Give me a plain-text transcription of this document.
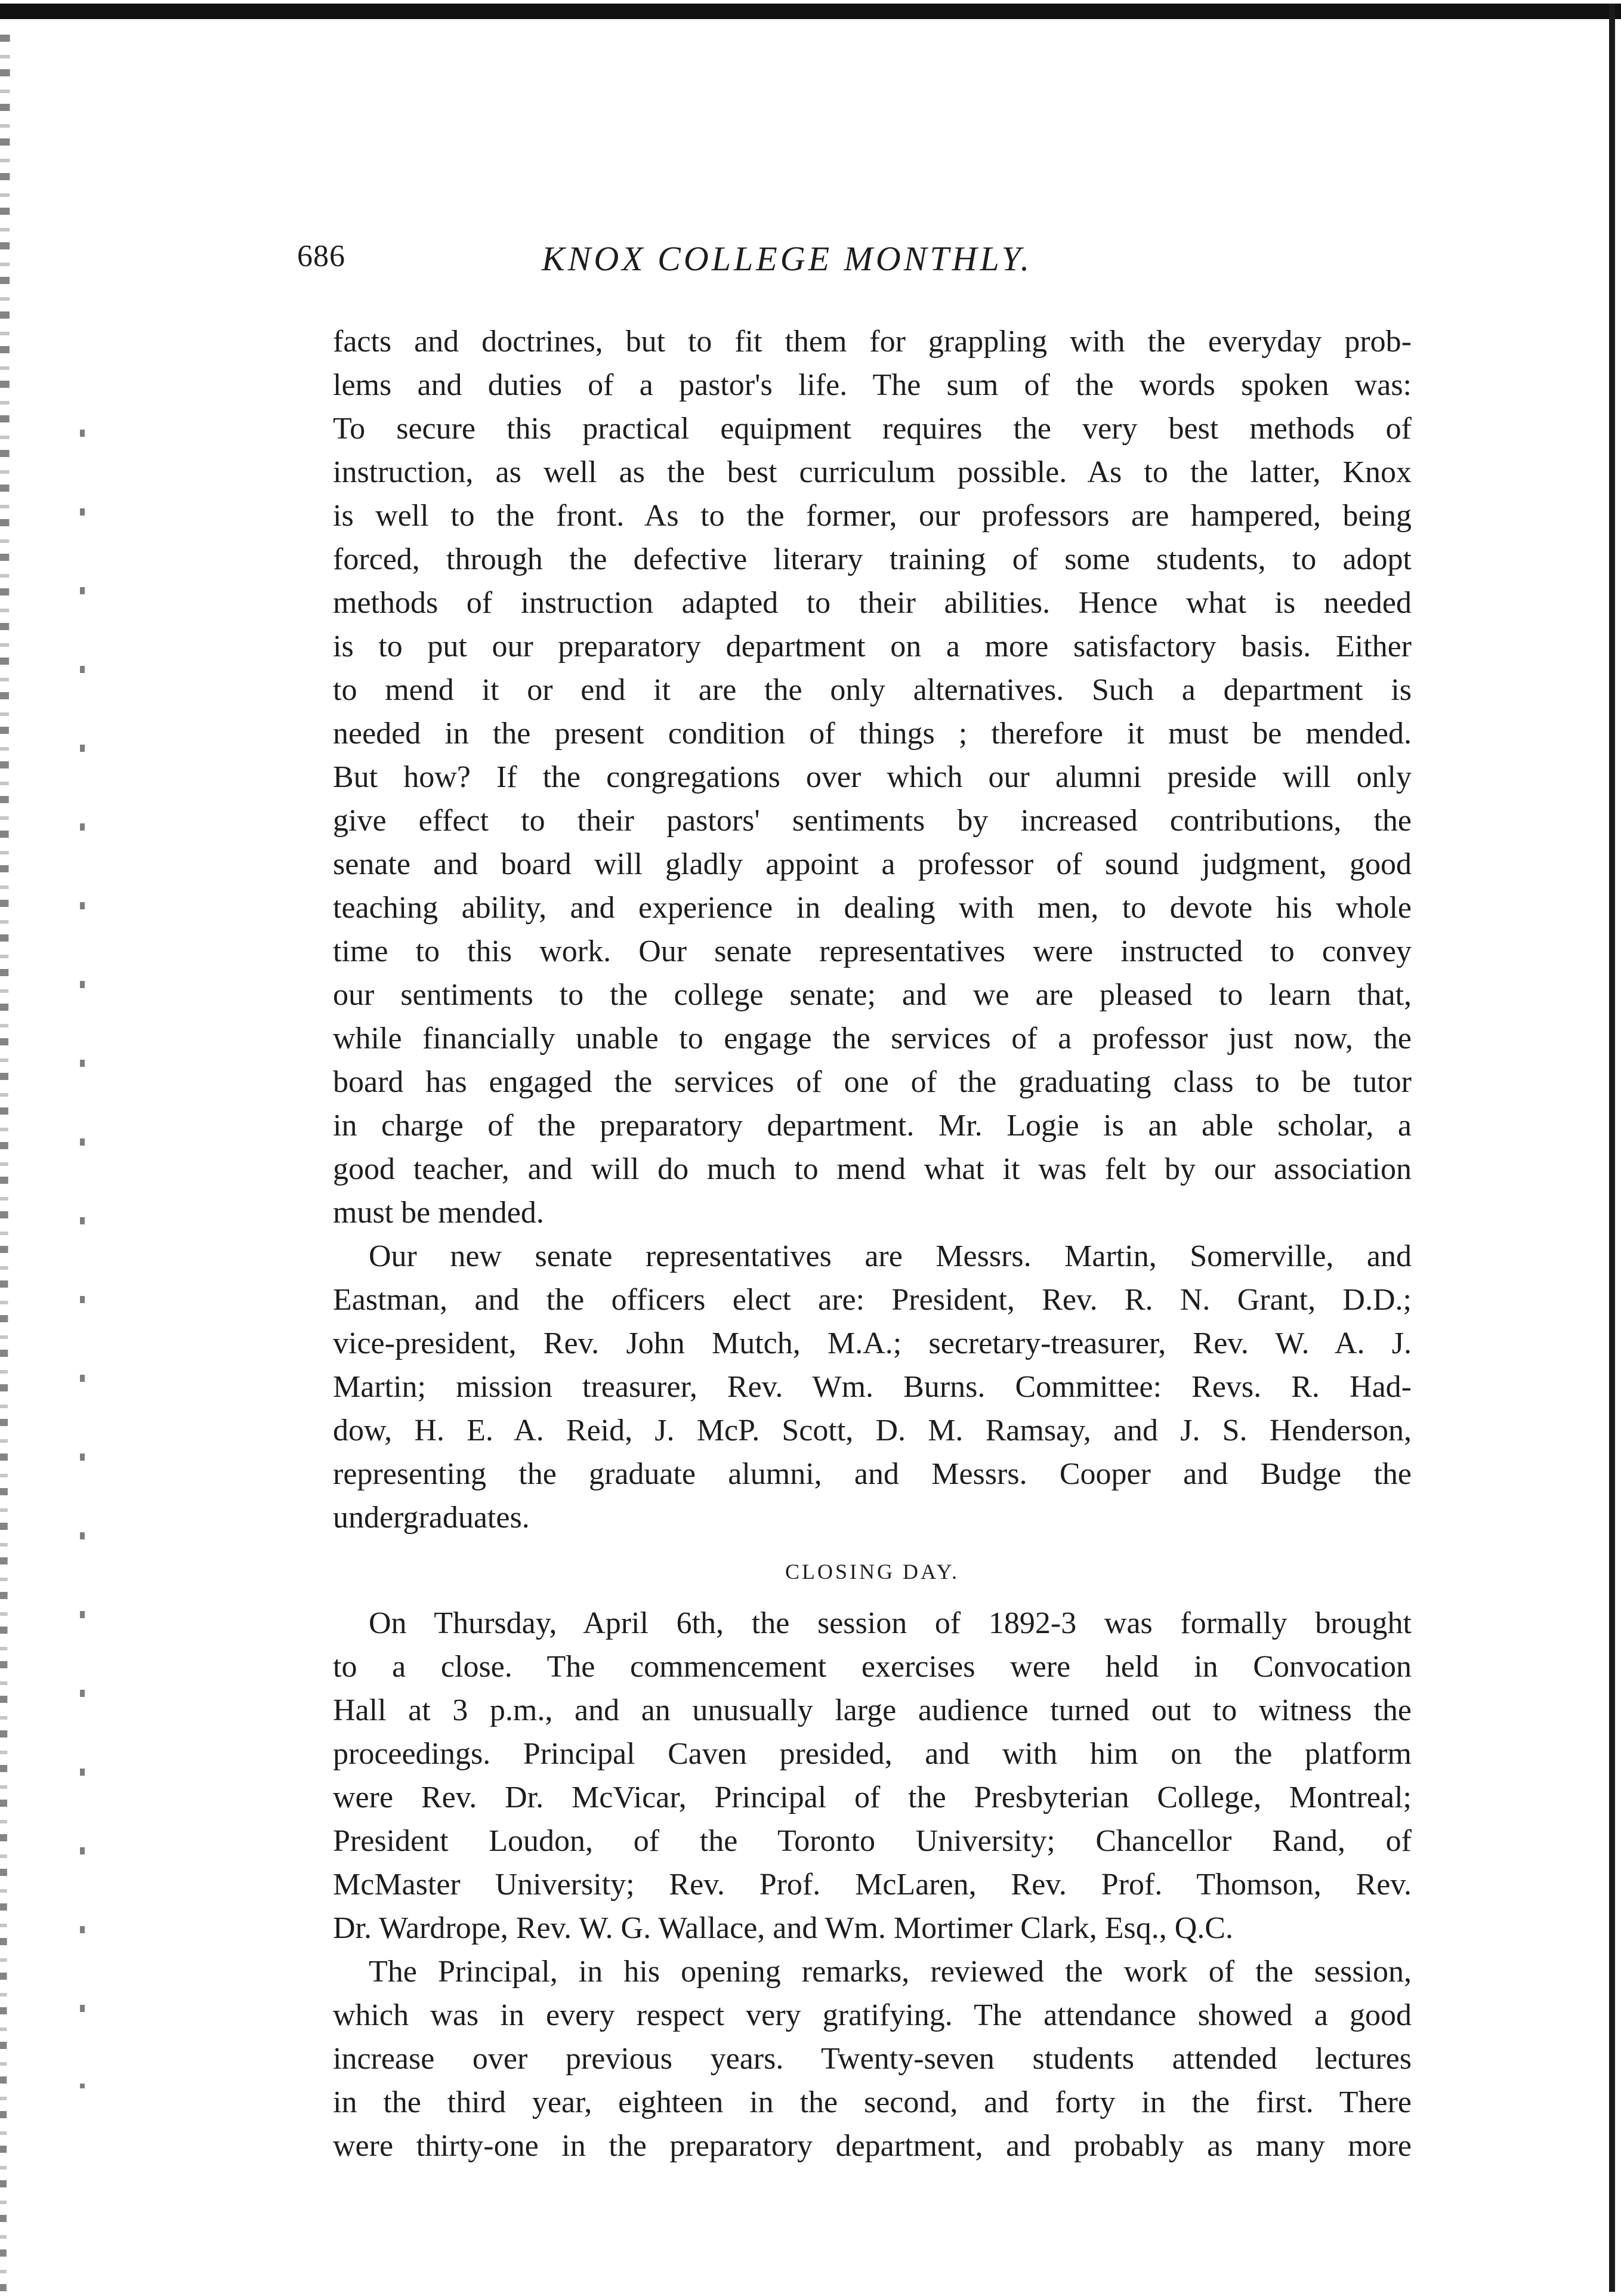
686	KNOX COLLEGE MONTHLY.
facts and doctrines, but to fit them for grappling with the everyday prob-
lems and duties of a pastor's life. The sum of the words spoken was:
To secure this practical equipment requires the very best methods of
instruction, as well as the best curriculum possible. As to the latter, Knox
is well to the front. As to the former, our professors are hampered, being
forced, through the defective literary training of some students, to adopt
methods of instruction adapted to their abilities. Hence what is needed
is to put our preparatory department on a more satisfactory basis. Either
to mend it or end it are the only alternatives. Such a department is
needed in the present condition of things ; therefore it must be mended.
But how? If the congregations over which our alumni preside will only
give effect to their pastors' sentiments by increased contributions, the
senate and board will gladly appoint a professor of sound judgment, good
teaching ability, and experience in dealing with men, to devote his whole
time to this work. Our senate representatives were instructed to convey
our sentiments to the college senate; and we are pleased to learn that,
while financially unable to engage the services of a professor just now, the
board has engaged the services of one of the graduating class to be tutor
in charge of the preparatory department. Mr. Logie is an able scholar, a
good teacher, and will do much to mend what it was felt by our association
must be mended.
Our new senate representatives are Messrs. Martin, Somerville, and
Eastman, and the officers elect are: President, Rev. R. N. Grant, D.D.;
vice-president, Rev. John Mutch, M.A.; secretary-treasurer, Rev. W. A. J.
Martin; mission treasurer, Rev. Wm. Burns. Committee: Revs. R. Had-
dow, H. E. A. Reid, J. McP. Scott, D. M. Ramsay, and J. S. Henderson,
representing the graduate alumni, and Messrs. Cooper and Budge the
undergraduates.
CLOSING DAY.
On Thursday, April 6th, the session of 1892-3 was formally brought
to a close. The commencement exercises were held in Convocation
Hall at 3 p.m., and an unusually large audience turned out to witness the
proceedings. Principal Caven presided, and with him on the platform
were Rev. Dr. McVicar, Principal of the Presbyterian College, Montreal;
President Loudon, of the Toronto University; Chancellor Rand, of
McMaster University; Rev. Prof. McLaren, Rev. Prof. Thomson, Rev.
Dr. Wardrope, Rev. W. G. Wallace, and Wm. Mortimer Clark, Esq., Q.C.
The Principal, in his opening remarks, reviewed the work of the session,
which was in every respect very gratifying. The attendance showed a good
increase over previous years. Twenty-seven students attended lectures
in the third year, eighteen in the second, and forty in the first. There
were thirty-one in the preparatory department, and probably as many more
